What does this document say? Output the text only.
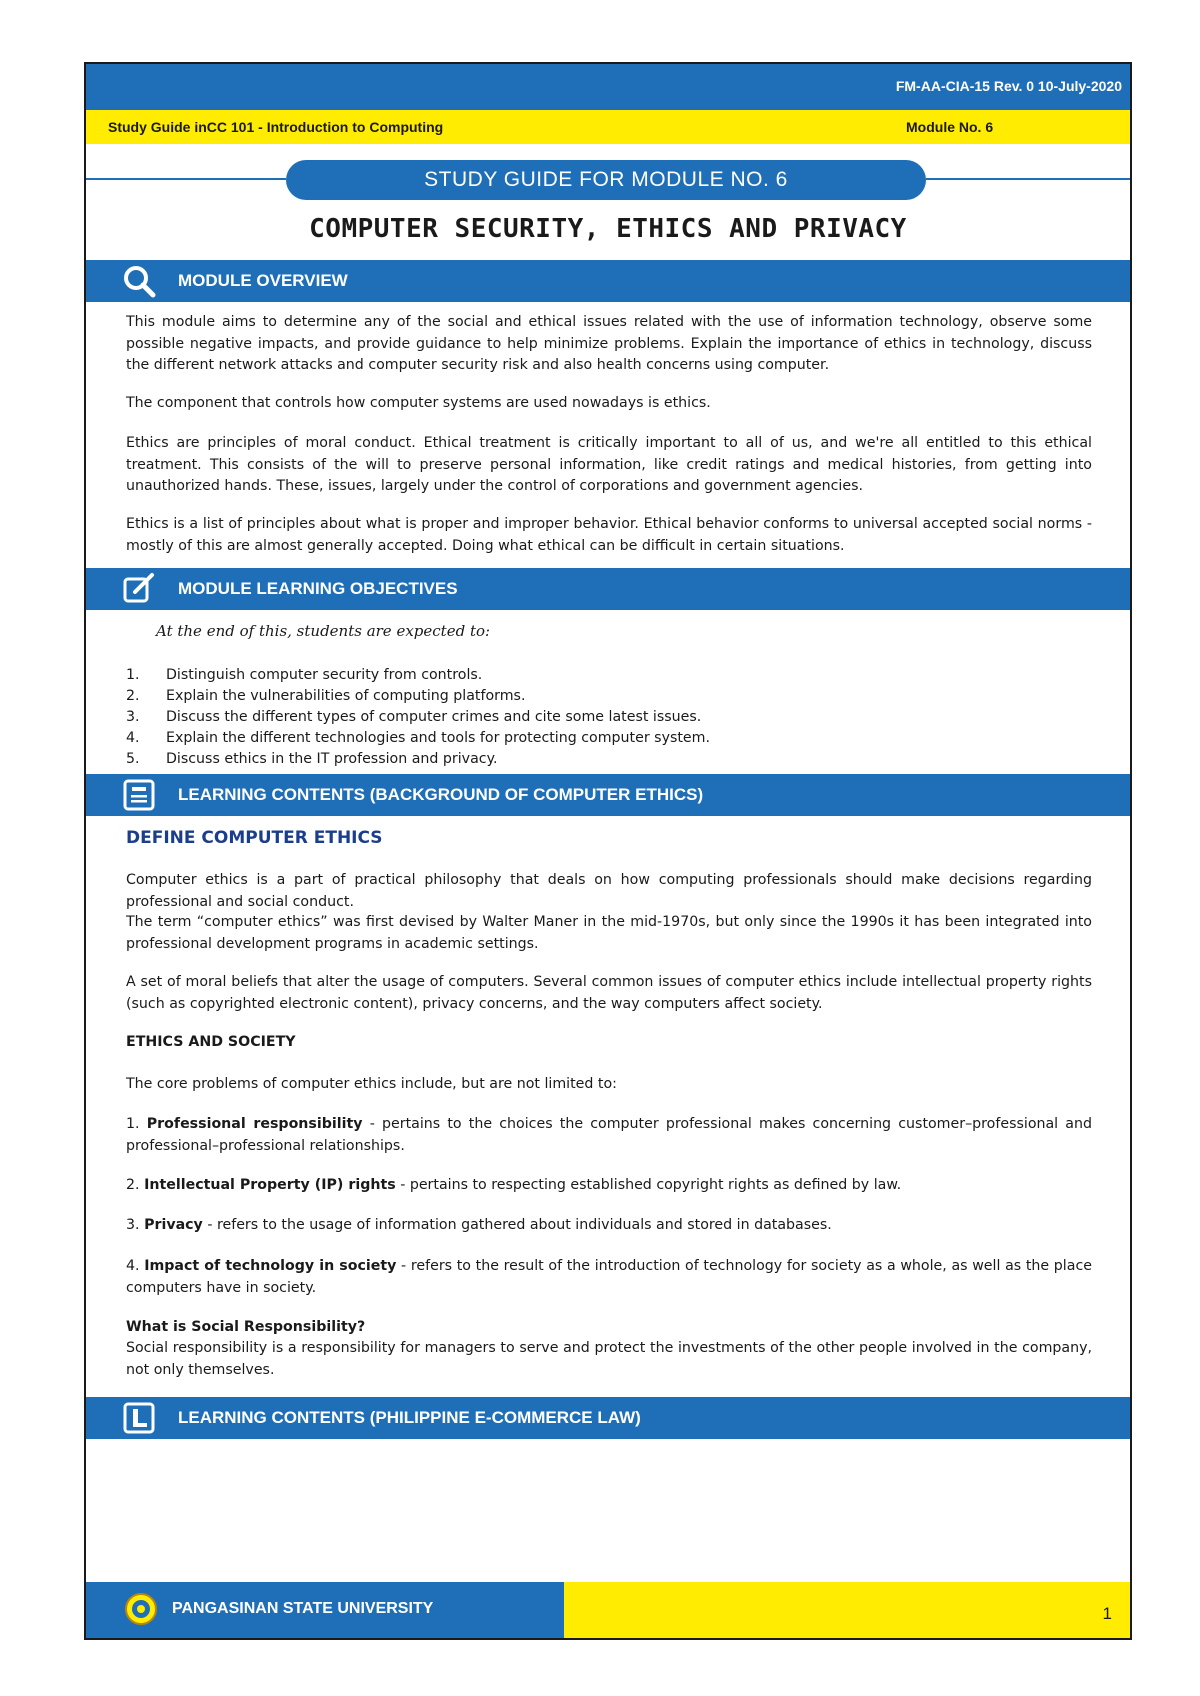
FM-AA-CIA-15 Rev. 0 10-July-2020
Study Guide inCC 101 - Introduction to Computing	Module No. 6
STUDY GUIDE FOR MODULE NO. 6
COMPUTER SECURITY, ETHICS AND PRIVACY
MODULE OVERVIEW
This module aims to determine any of the social and ethical issues related with the use of information technology, observe some possible negative impacts, and provide guidance to help minimize problems. Explain the importance of ethics in technology, discuss the different network attacks and computer security risk and also health concerns using computer.
The component that controls how computer systems are used nowadays is ethics.
Ethics are principles of moral conduct. Ethical treatment is critically important to all of us, and we're all entitled to this ethical treatment. This consists of the will to preserve personal information, like credit ratings and medical histories, from getting into unauthorized hands. These, issues, largely under the control of corporations and government agencies.
Ethics is a list of principles about what is proper and improper behavior. Ethical behavior conforms to universal accepted social norms - mostly of this are almost generally accepted. Doing what ethical can be difficult in certain situations.
MODULE LEARNING OBJECTIVES
At the end of this, students are expected to:
1.	Distinguish computer security from controls.
2.	Explain the vulnerabilities of computing platforms.
3.	Discuss the different types of computer crimes and cite some latest issues.
4.	Explain the different technologies and tools for protecting computer system.
5.	Discuss ethics in the IT profession and privacy.
LEARNING CONTENTS (BACKGROUND OF COMPUTER ETHICS)
DEFINE COMPUTER ETHICS
Computer ethics is a part of practical philosophy that deals on how computing professionals should make decisions regarding professional and social conduct.
The term “computer ethics” was first devised by Walter Maner in the mid-1970s, but only since the 1990s it has been integrated into professional development programs in academic settings.
A set of moral beliefs that alter the usage of computers. Several common issues of computer ethics include intellectual property rights (such as copyrighted electronic content), privacy concerns, and the way computers affect society.
ETHICS AND SOCIETY
The core problems of computer ethics include, but are not limited to:
1. Professional responsibility - pertains to the choices the computer professional makes concerning customer–professional and professional–professional relationships.
2. Intellectual Property (IP) rights - pertains to respecting established copyright rights as defined by law.
3. Privacy - refers to the usage of information gathered about individuals and stored in databases.
4. Impact of technology in society - refers to the result of the introduction of technology for society as a whole, as well as the place computers have in society.
What is Social Responsibility?
Social responsibility is a responsibility for managers to serve and protect the investments of the other people involved in the company, not only themselves.
LEARNING CONTENTS (PHILIPPINE E-COMMERCE LAW)
PANGASINAN STATE UNIVERSITY	1
